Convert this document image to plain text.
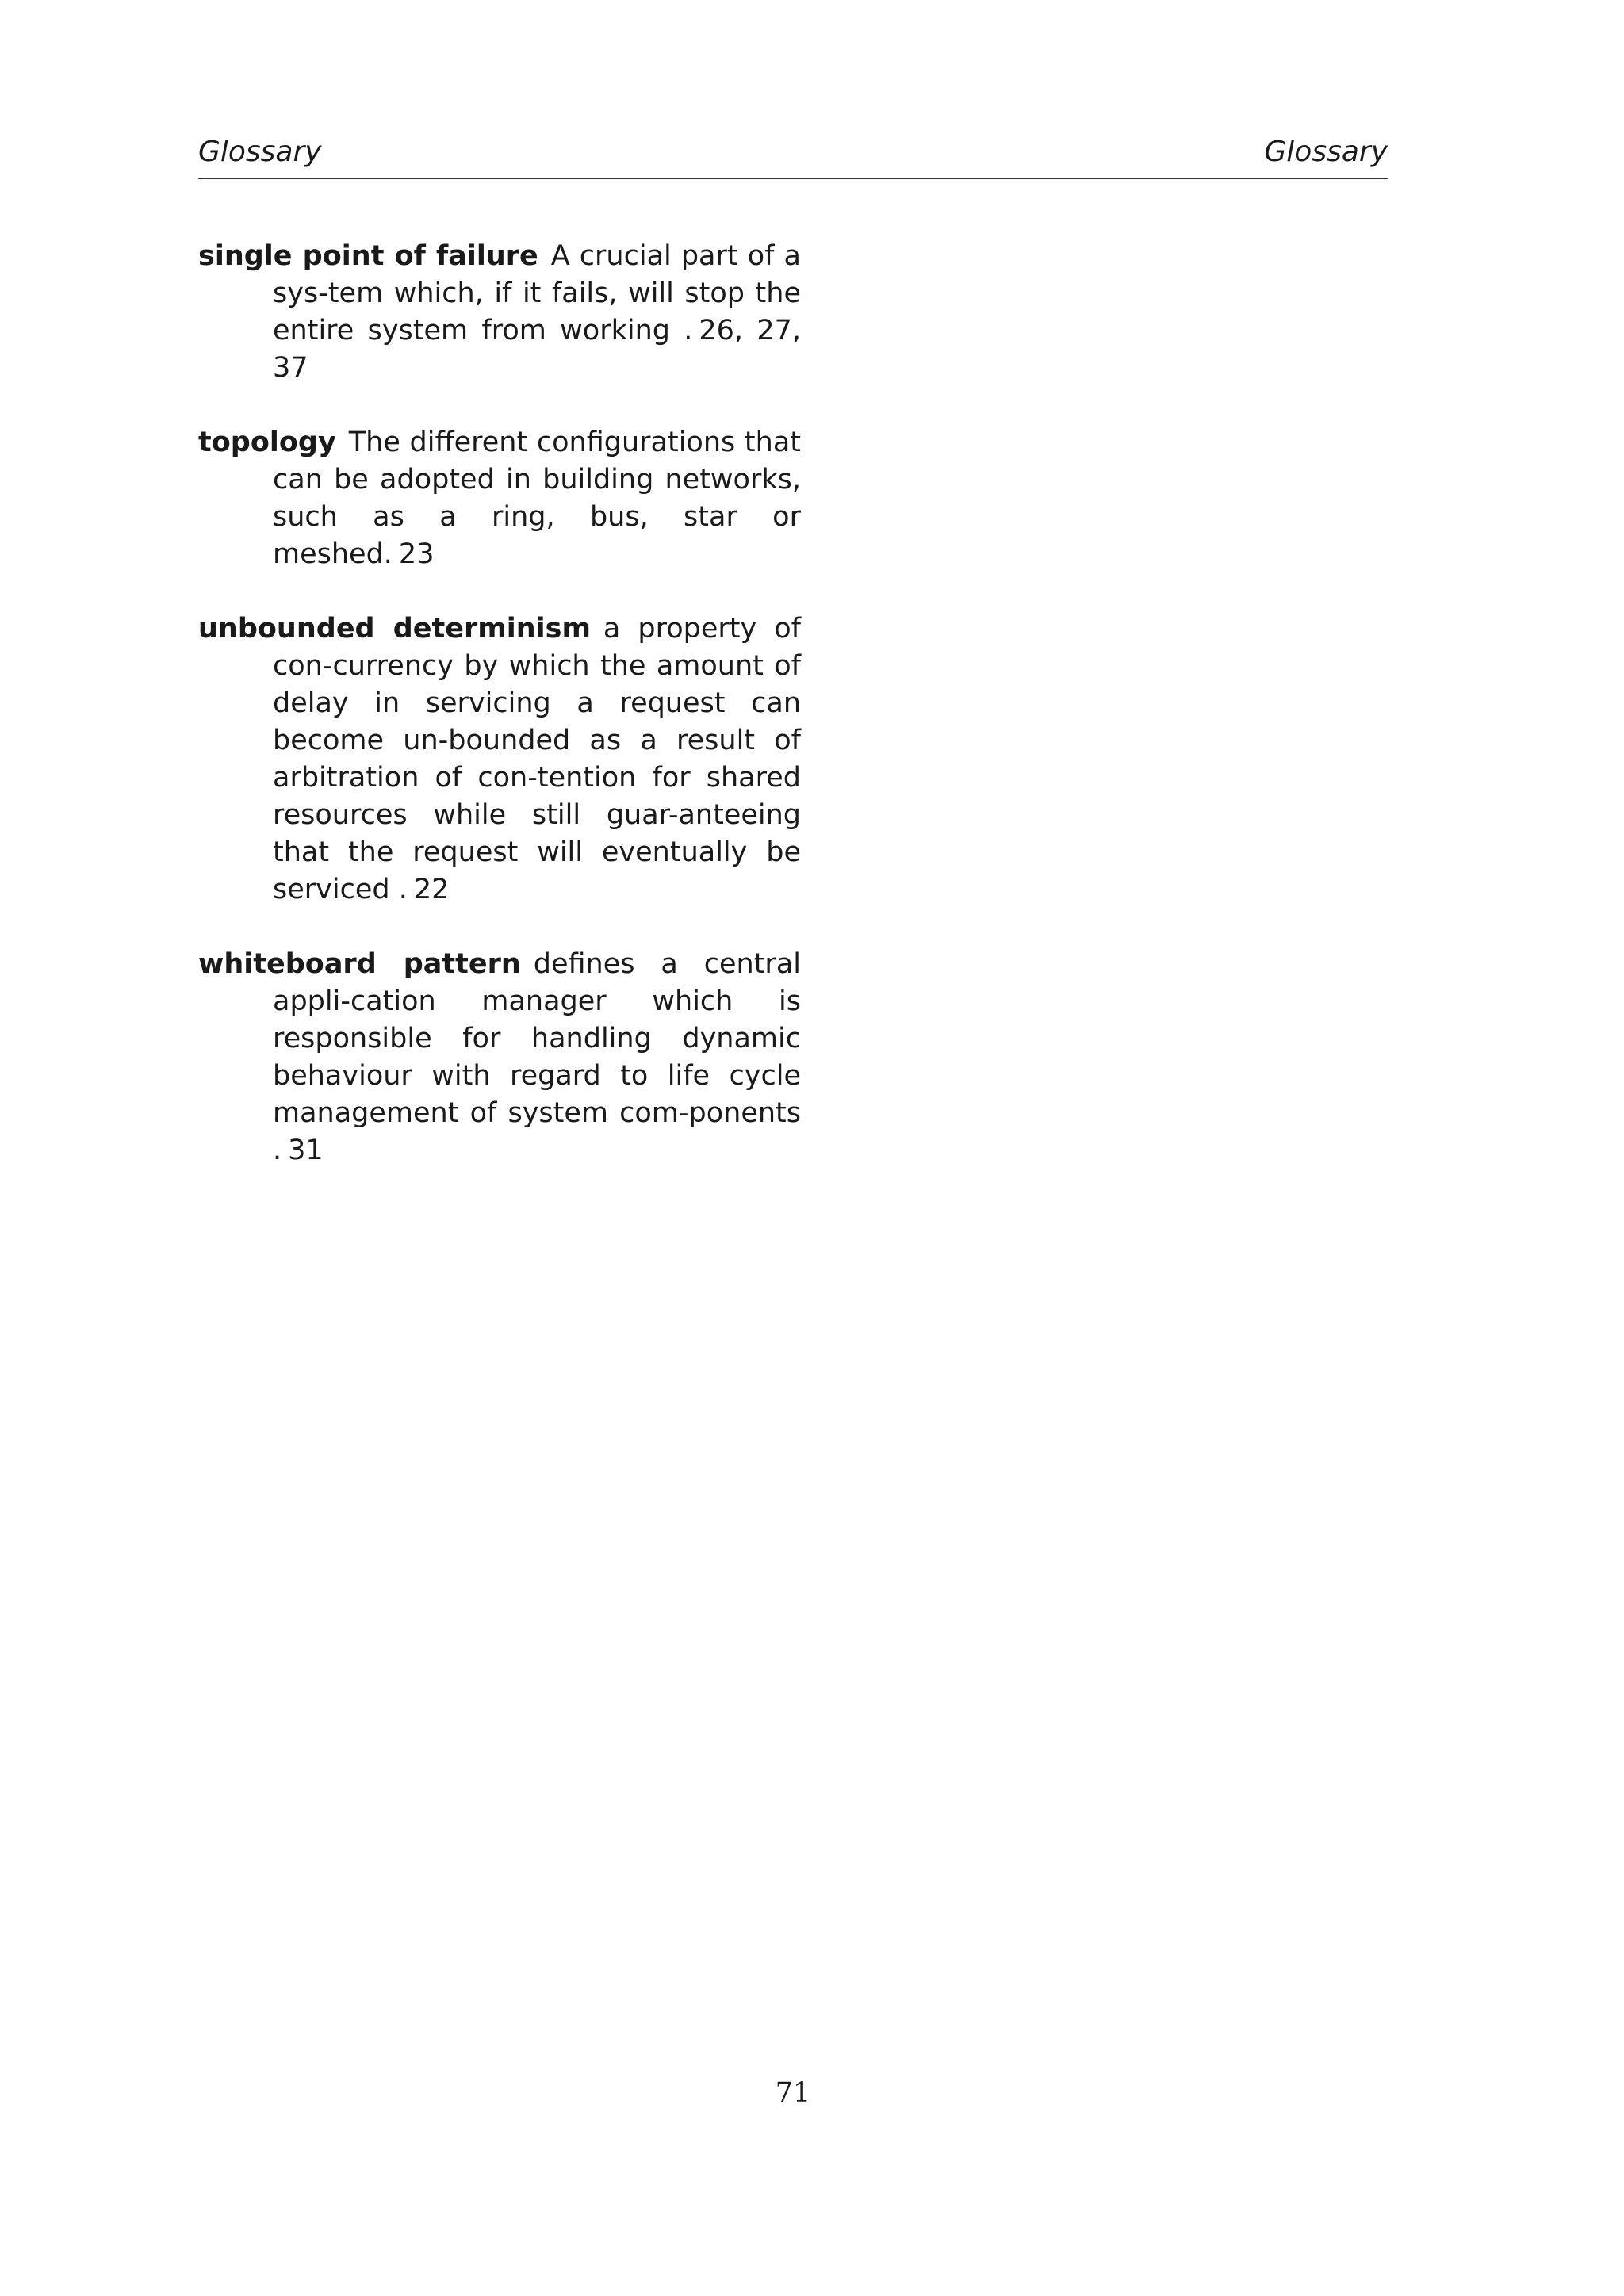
Glossary	Glossary

single point of failure A crucial part of a sys-tem which, if it fails, will stop the entire system from working . 26, 27, 37

topology The different configurations that can be adopted in building networks, such as a ring, bus, star or meshed. 23

unbounded determinism a property of con-currency by which the amount of delay in servicing a request can become un-bounded as a result of arbitration of con-tention for shared resources while still guar-anteeing that the request will eventually be serviced . 22

whiteboard pattern defines a central appli-cation manager which is responsible for handling dynamic behaviour with regard to life cycle management of system com-ponents . 31

71
